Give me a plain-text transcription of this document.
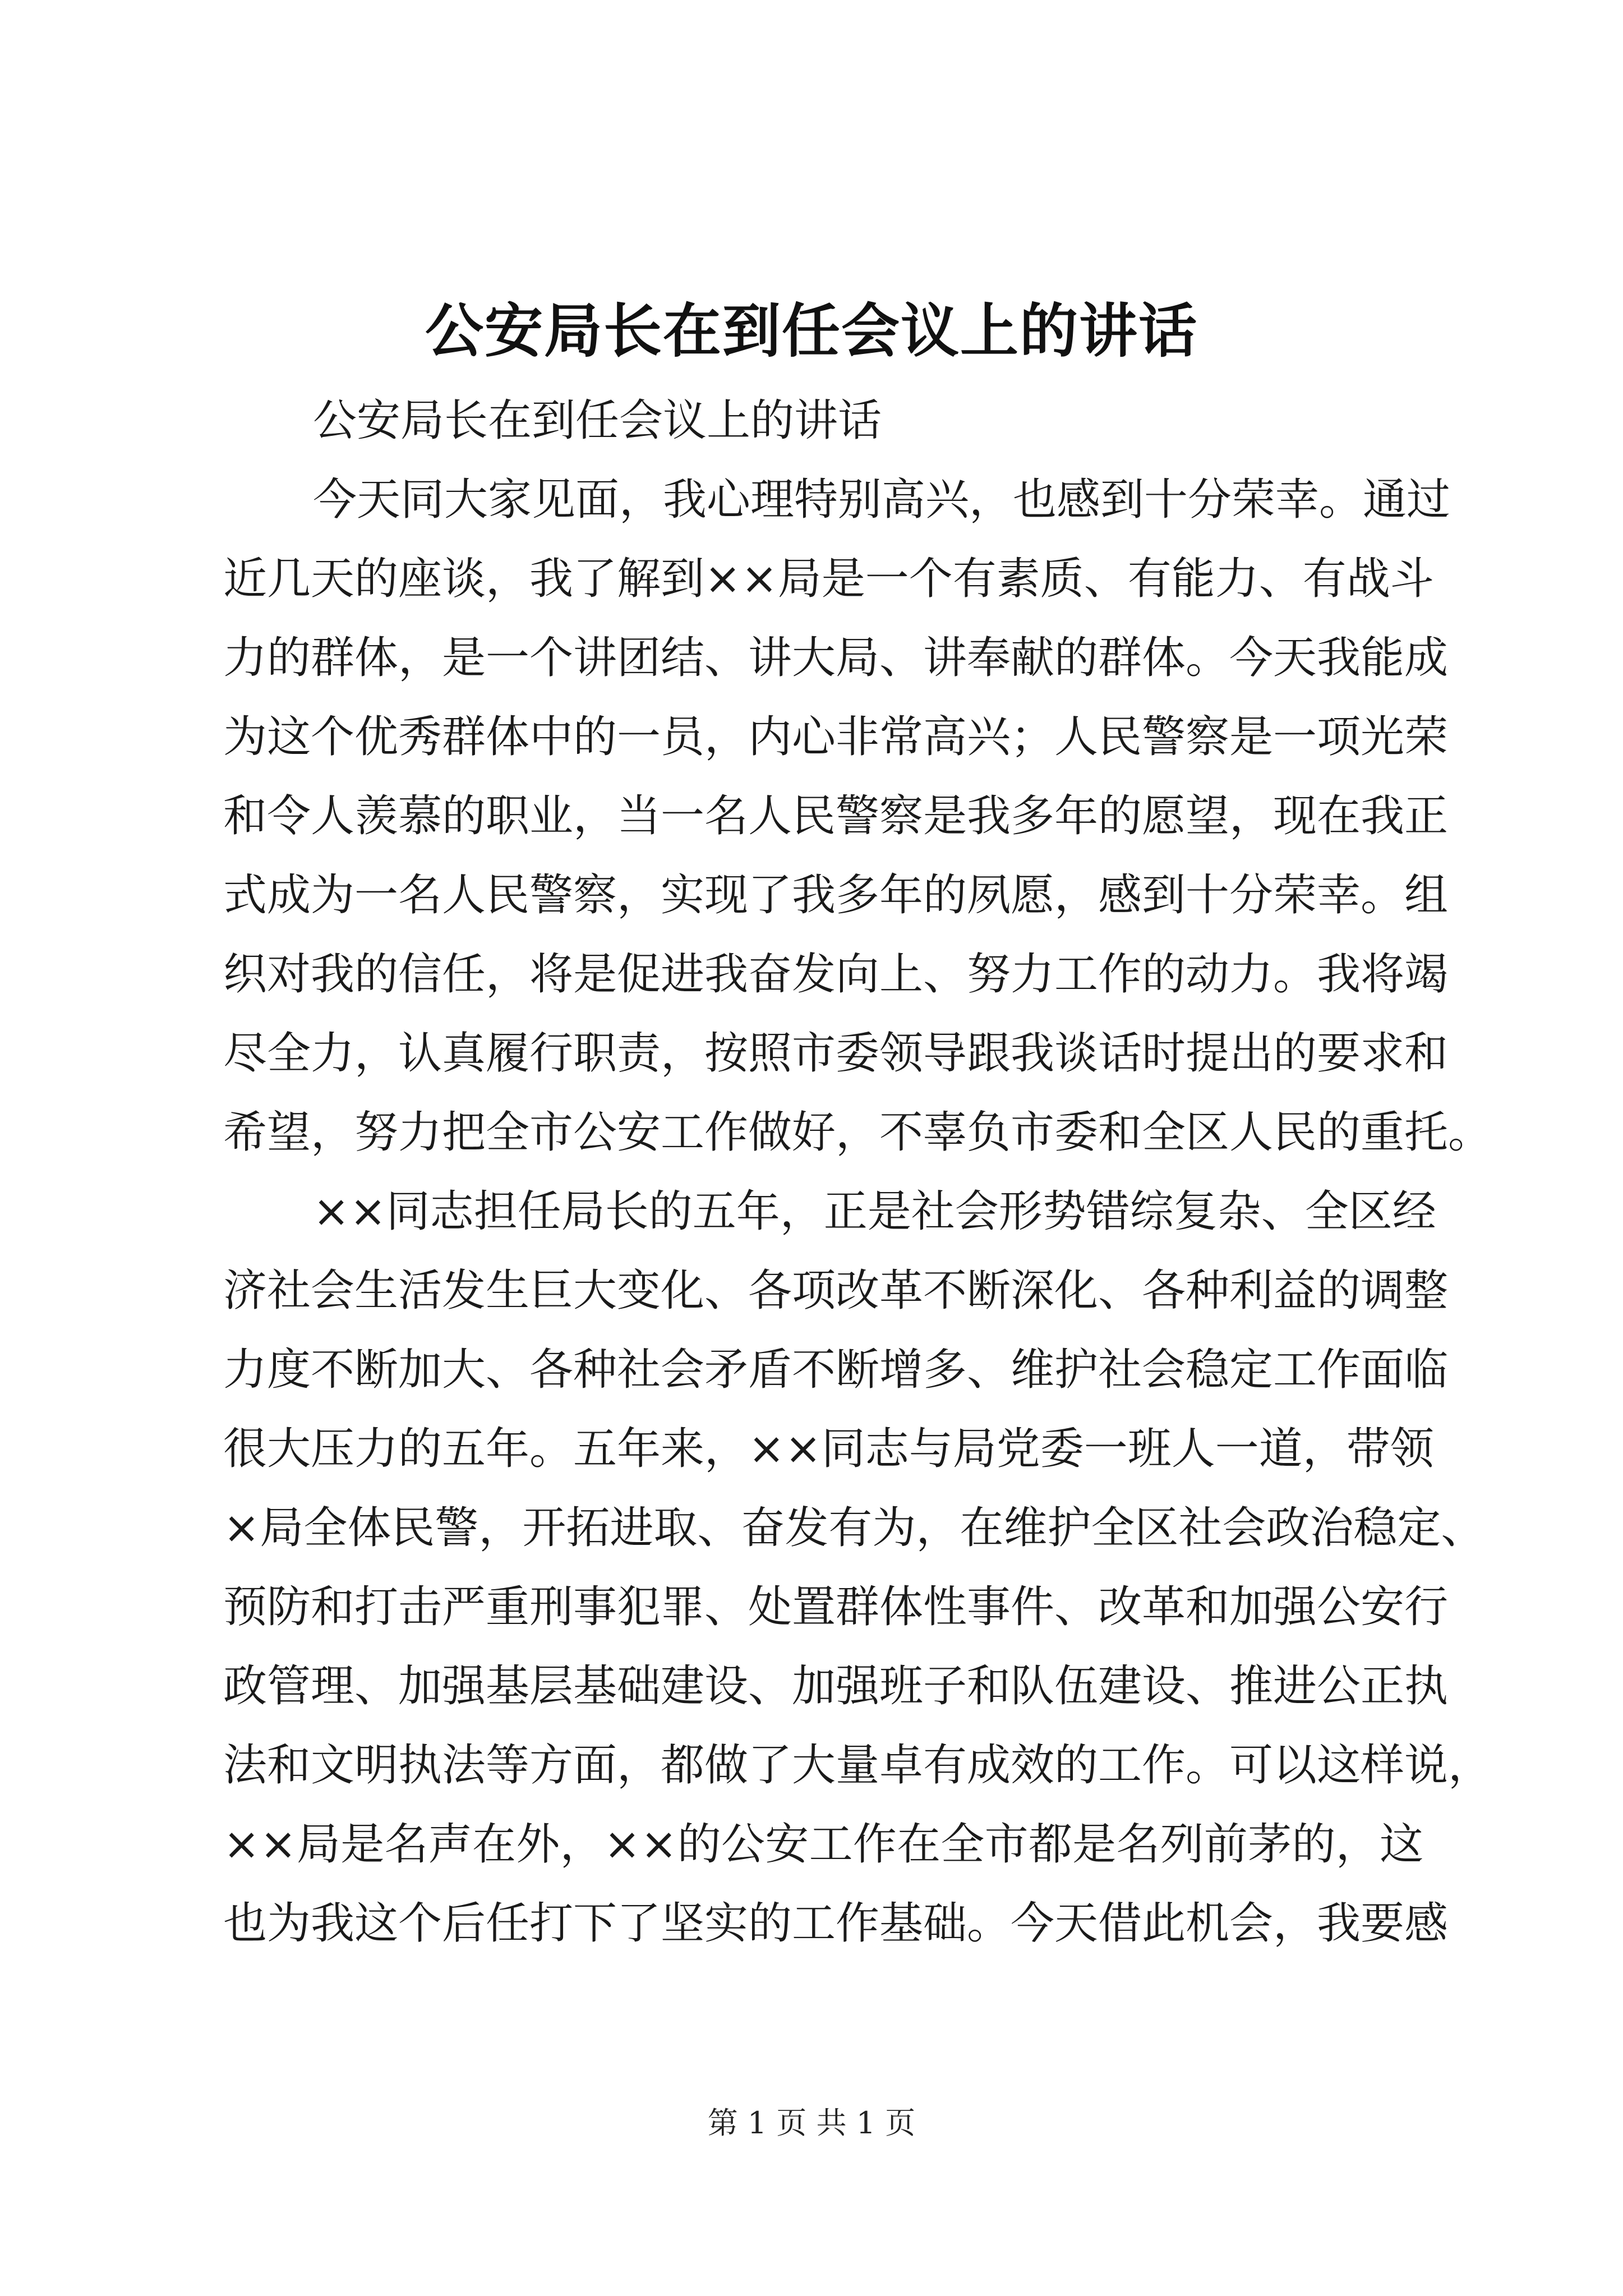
公安局长在到任会议上的讲话
公安局长在到任会议上的讲话
今天同大家见面，我心理特别高兴，也感到十分荣幸。通过
近几天的座谈，我了解到××局是一个有素质、有能力、有战斗
力的群体，是一个讲团结、讲大局、讲奉献的群体。今天我能成
为这个优秀群体中的一员，内心非常高兴；人民警察是一项光荣
和令人羡慕的职业，当一名人民警察是我多年的愿望，现在我正
式成为一名人民警察，实现了我多年的夙愿，感到十分荣幸。组
织对我的信任，将是促进我奋发向上、努力工作的动力。我将竭
尽全力，认真履行职责，按照市委领导跟我谈话时提出的要求和
希望，努力把全市公安工作做好，不辜负市委和全区人民的重托。
××同志担任局长的五年，正是社会形势错综复杂、全区经
济社会生活发生巨大变化、各项改革不断深化、各种利益的调整
力度不断加大、各种社会矛盾不断增多、维护社会稳定工作面临
很大压力的五年。五年来，××同志与局党委一班人一道，带领
×局全体民警，开拓进取、奋发有为，在维护全区社会政治稳定、
预防和打击严重刑事犯罪、处置群体性事件、改革和加强公安行
政管理、加强基层基础建设、加强班子和队伍建设、推进公正执
法和文明执法等方面，都做了大量卓有成效的工作。可以这样说，
××局是名声在外，××的公安工作在全市都是名列前茅的，这
也为我这个后任打下了坚实的工作基础。今天借此机会，我要感
第 1 页 共 1 页
